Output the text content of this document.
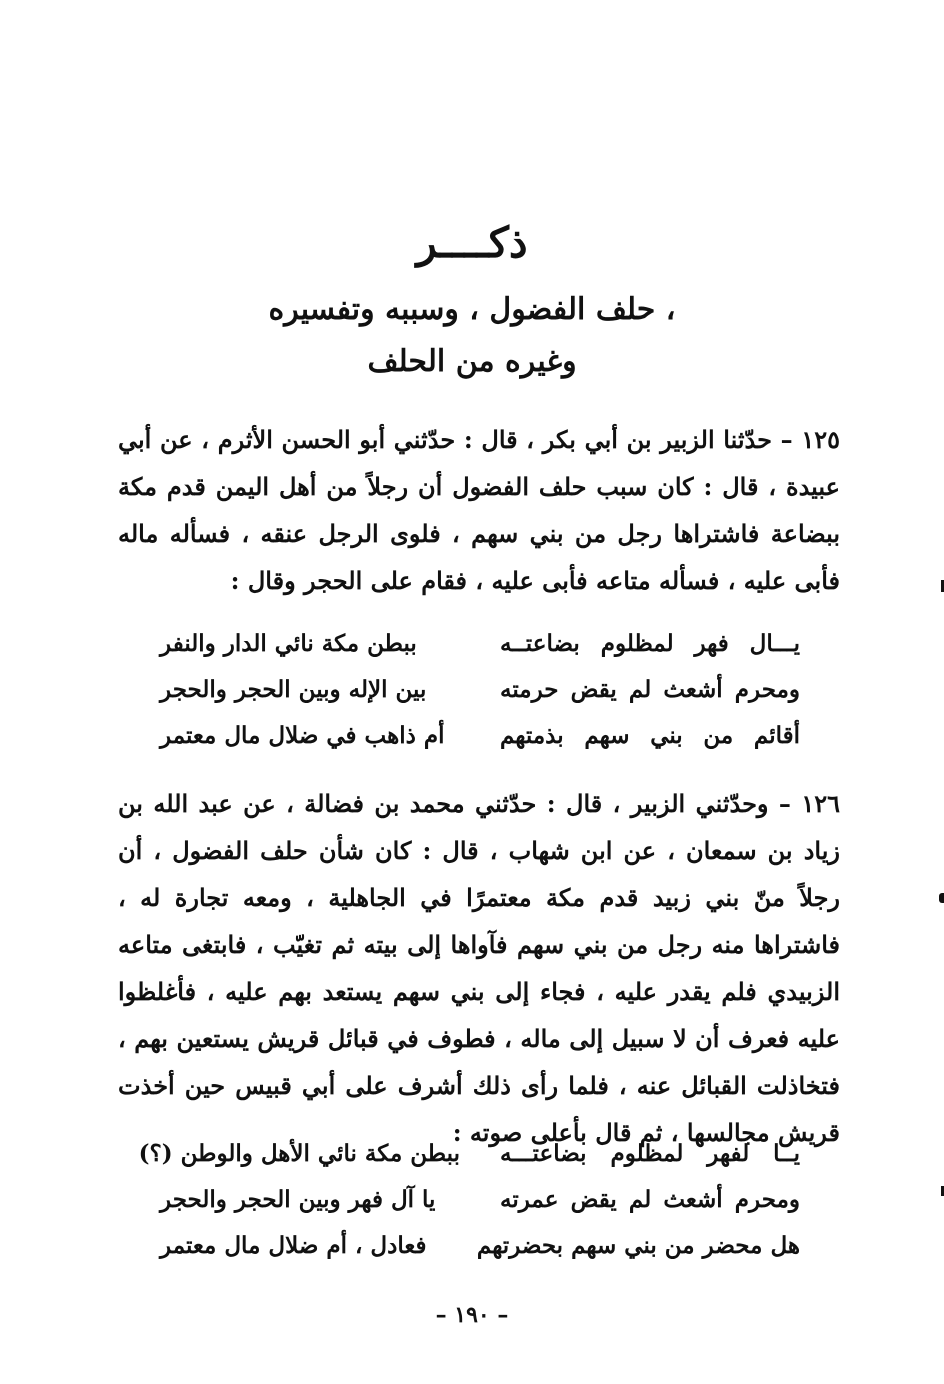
ذكــــر
حلف الفضول ، وسببه وتفسيره ،
وغيره من الحلف
١٢٥ – حدّثنا الزبير بن أبي بكر ، قال : حدّثني أبو الحسن الأثرم ، عن أبي عبيدة ، قال : كان سبب حلف الفضول أن رجلاً من أهل اليمن قدم مكة ببضاعة فاشتراها رجل من بني سهم ، فلوى الرجل عنقه ، فسأله ماله فأبى عليه ، فسأله متاعه فأبى عليه ، فقام على الحجر وقال :
يـــال فهر لمظلوم بضاعتــه
ببطن مكة نائي الدار والنفر
ومحرم أشعث لم يقض حرمته
بين الإله وبين الحجر والحجر
أقائم من بني سهم بذمتهم
أم ذاهب في ضلال مال معتمر
١٢٦ – وحدّثني الزبير ، قال : حدّثني محمد بن فضالة ، عن عبد الله بن زياد بن سمعان ، عن ابن شهاب ، قال : كان شأن حلف الفضول ، أن رجلاً منّ بني زبيد قدم مكة معتمرًا في الجاهلية ، ومعه تجارة له ، فاشتراها منه رجل من بني سهم فآواها إلى بيته ثم تغيّب ، فابتغى متاعه الزبيدي فلم يقدر عليه ، فجاء إلى بني سهم يستعد بهم عليه ، فأغلظوا عليه فعرف أن لا سبيل إلى ماله ، فطوف في قبائل قريش يستعين بهم ، فتخاذلت القبائل عنه ، فلما رأى ذلك أشرف على أبي قبيس حين أخذت قريش مجالسها ، ثم قال بأعلى صوته :
يــا لفهر لمظلوم بضاعتـــه
ببطن مكة نائي الأهل والوطن (؟)
ومحرم أشعث لم يقض عمرته
يا آل فهر وبين الحجر والحجر
هل محضر من بني سهم بحضرتهم
فعادل ، أم ضلال مال معتمر
– ١٩٠ –
